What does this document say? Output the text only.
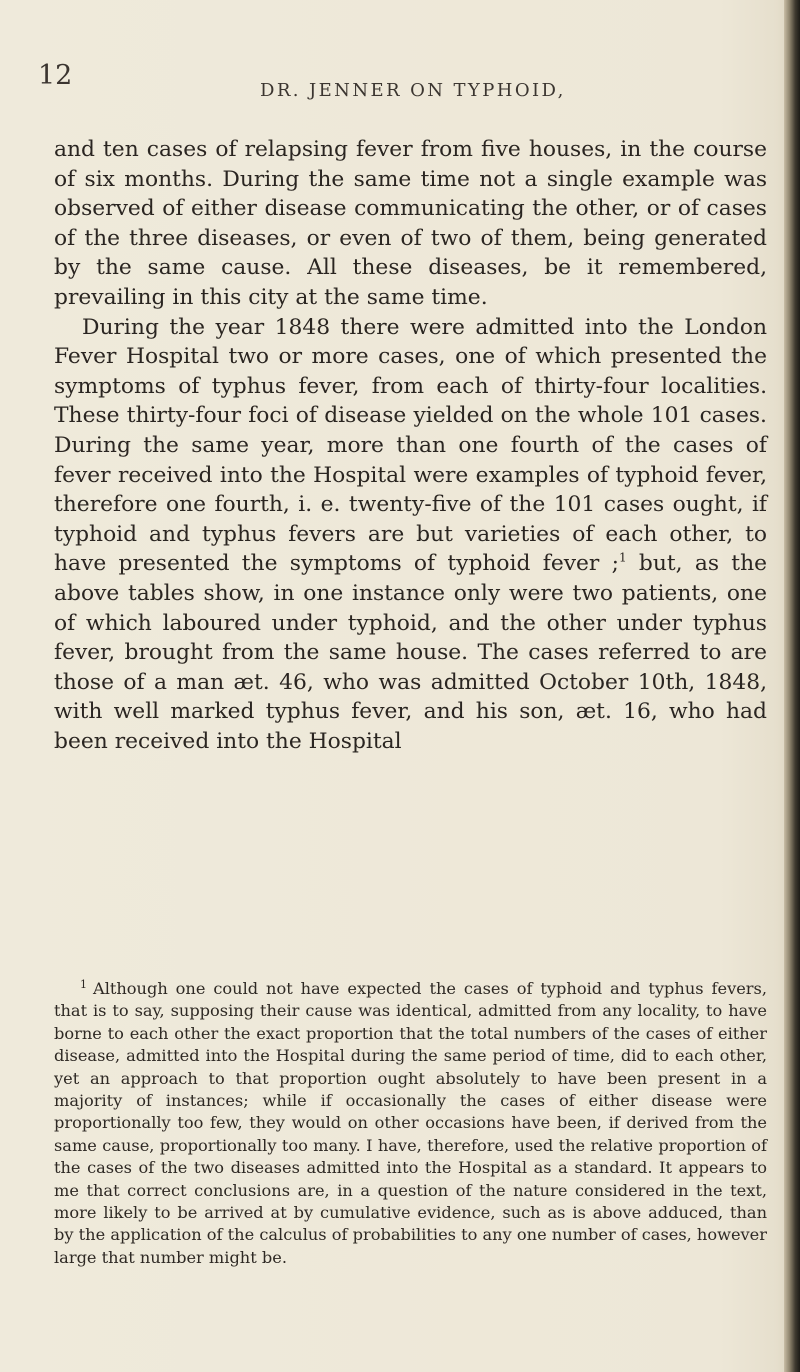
12	DR. JENNER ON TYPHOID,

and ten cases of relapsing fever from five houses, in the course of six months. During the same time not a single example was observed of either disease communicating the other, or of cases of the three diseases, or even of two of them, being generated by the same cause. All these diseases, be it remembered, prevailing in this city at the same time.

During the year 1848 there were admitted into the London Fever Hospital two or more cases, one of which presented the symptoms of typhus fever, from each of thirty-four localities. These thirty-four foci of disease yielded on the whole 101 cases. During the same year, more than one fourth of the cases of fever received into the Hospital were examples of typhoid fever, therefore one fourth, i. e. twenty-five of the 101 cases ought, if typhoid and typhus fevers are but varieties of each other, to have presented the symptoms of typhoid fever ;$^1$ but, as the above tables show, in one instance only were two patients, one of which laboured under typhoid, and the other under typhus fever, brought from the same house. The cases referred to are those of a man æt. 46, who was admitted October 10th, 1848, with well marked typhus fever, and his son, æt. 16, who had been received into the Hospital

$^1$ Although one could not have expected the cases of typhoid and typhus fevers, that is to say, supposing their cause was identical, admitted from any locality, to have borne to each other the exact proportion that the total numbers of the cases of either disease, admitted into the Hospital during the same period of time, did to each other, yet an approach to that proportion ought absolutely to have been present in a majority of instances; while if occasionally the cases of either disease were proportionally too few, they would on other occasions have been, if derived from the same cause, proportionally too many. I have, therefore, used the relative proportion of the cases of the two diseases admitted into the Hospital as a standard. It appears to me that correct conclusions are, in a question of the nature considered in the text, more likely to be arrived at by cumulative evidence, such as is above adduced, than by the application of the calculus of probabilities to any one number of cases, however large that number might be.
